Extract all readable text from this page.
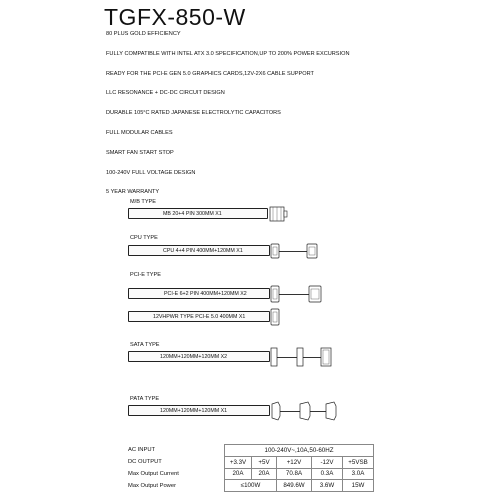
TGFX-850-W
80 PLUS GOLD EFFICIENCY
FULLY COMPATIBLE WITH INTEL ATX 3.0 SPECIFICATION,UP TO 200% POWER EXCURSION
READY FOR THE PCI-E GEN 5.0 GRAPHICS CARDS,12V-2X6 CABLE SUPPORT
LLC RESONANCE + DC-DC CIRCUIT DESIGN
DURABLE 105°C RATED JAPANESE ELECTROLYTIC CAPACITORS
FULL MODULAR CABLES
SMART FAN START STOP
100-240V FULL VOLTAGE DESIGN
5 YEAR WARRANTY
M/B TYPE
MB 20+4 PIN 300MM X1
CPU TYPE
CPU 4+4 PIN 400MM+120MM X1
PCI-E TYPE
PCI-E 6+2 PIN 400MM+120MM X2
12VHPWR TYPE PCI-E 5.0 400MM X1
SATA TYPE
120MM+120MM+120MM X2
PATA TYPE
120MM+120MM+120MM X1
AC INPUT	100-240V~,10A,50-60HZ				
DC OUTPUT	+3.3V	+5V	+12V	-12V	+5VSB
Max Output Current	20A	20A	70.8A	0.3A	3.0A
Max Output Power	≤100W		849.6W	3.6W	15W
